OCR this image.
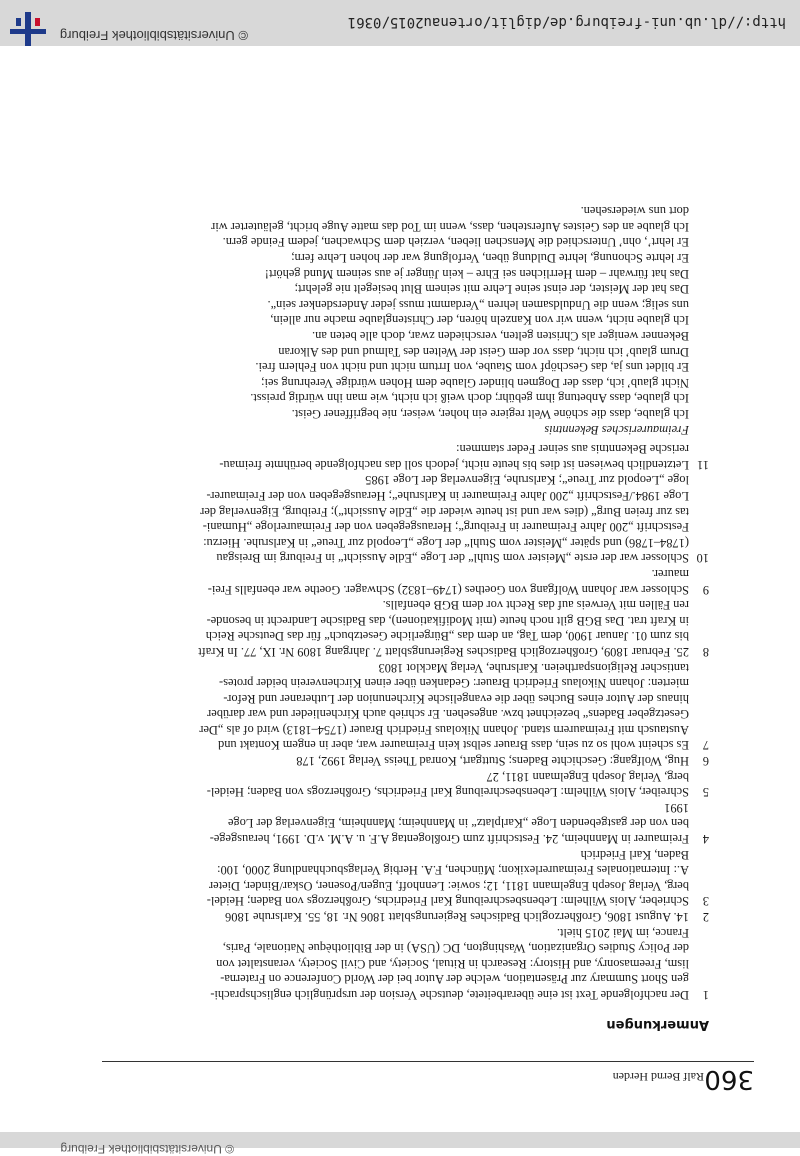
© Universitätsbibliothek Freiburg
360
Ralf Bernd Herden
Anmerkungen
1
Der nachfolgende Text ist eine überarbeitete, deutsche Version der ursprünglich englischsprachi-
gen Short Summary zur Präsentation, welche der Autor bei der World Conference on Fraterna-
lism, Freemasonry, and History: Research in Ritual, Society, and Civil Society, veranstaltet von
der Policy Studies Organization, Washington, DC (USA) in der Bibliothèque Nationale, Paris,
France, im Mai 2015 hielt.
2
14. August 1806, Großherzoglich Badisches Regierungsblatt 1806 Nr. 18, 55. Karlsruhe 1806
3
Schrieber, Alois Wilhelm: Lebensbeschreibung Karl Friedrichs, Großherzogs von Baden; Heidel-
berg, Verlag Joseph Engelmann 1811, 12; sowie: Lennhoff, Eugen/Posener, Oskar/Binder, Dieter
A.: Internationales Freimaurerlexikon; München, F.A. Herbig Verlagsbuchhandlung 2000, 100:
Baden, Karl Friedrich
4
Freimaurer in Mannheim, 24. Festschrift zum Großlogentag A.F. u. A.M. v.D. 1991, herausgege-
ben von der gastgebenden Loge „Karlplatz“ in Mannheim; Mannheim, Eigenverlag der Loge
1991
5
Schreiber, Alois Wilhelm: Lebensbeschreibung Karl Friedrichs, Großherzogs von Baden; Heidel-
berg, Verlag Joseph Engelmann 1811, 27
6
Hug, Wolfgang: Geschichte Badens; Stuttgart, Konrad Theiss Verlag 1992, 178
7
Es scheint wohl so zu sein, dass Brauer selbst kein Freimaurer war, aber in engem Kontakt und
Austausch mit Freimaurern stand. Johann Nikolaus Friedrich Brauer (1754–1813) wird of als „Der
Gesetzgeber Badens“ bezeichnet bzw. angesehen. Er schrieb auch Kirchenlieder und war darüber
hinaus der Autor eines Buches über die evangelische Kirchenunion der Lutheraner und Refor-
mierten: Johann Nikolaus Friedrich Brauer: Gedanken über einen Kirchenverein beider protes-
tantischer Religionspartheien. Karlsruhe, Verlag Macklot 1803
8
25. Februar 1809, Großherzoglich Badisches Regierungsblatt 7. Jahrgang 1809 Nr. IX, 77. In Kraft
bis zum 01. Januar 1900, dem Tag, an dem das „Bürgerliche Gesetzbuch“ für das Deutsche Reich
in Kraft trat. Das BGB gilt noch heute (mit Modifikationen), das Badische Landrecht in besonde-
ren Fällen mit Verweis auf das Recht vor dem BGB ebenfalls.
9
Schlosser war Johann Wolfgang von Goethes (1749–1832) Schwager. Goethe war ebenfalls Frei-
maurer.
10
Schlosser war der erste „Meister vom Stuhl“ der Loge „Edle Aussicht“ in Freiburg im Breisgau
(1784–1786) und später „Meister vom Stuhl“ der Loge „Leopold zur Treue“ in Karlsruhe. Hierzu:
Festschrift „200 Jahre Freimaurer in Freiburg“; Herausgegeben von der Freimaurerloge „Humani-
tas zur freien Burg“ (dies war und ist heute wieder die „Edle Aussicht“); Freiburg, Eigenverlag der
Loge 1984./Festschrift „200 Jahre Freimaurer in Karlsruhe“; Herausgegeben von der Freimaurer-
loge „Leopold zur Treue“; Karlsruhe, Eigenverlag der Loge 1985
11
Letztendlich bewiesen ist dies bis heute nicht, jedoch soll das nachfolgende berühmte freimau-
rerische Bekenntnis aus seiner Feder stammen:
Freimaurerisches Bekenntnis
Ich glaube, dass die schöne Welt regiere ein hoher, weiser, nie begriffener Geist.
Ich glaube, dass Anbetung ihm gebühr; doch weiß ich nicht, wie man ihn würdig preisst.
Nicht glaub’ ich, dass der Dogmen blinder Glaube dem Hohen würdige Verehrung sei;
Er bildet uns ja, das Geschöpf vom Staube, von Irrtum nicht und nicht von Fehlern frei.
Drum glaub’ ich nicht, dass vor dem Geist der Welten des Talmud und des Alkoran
Bekenner weniger als Christen gelten, verschieden zwar, doch alle beten an.
Ich glaube nicht, wenn wir von Kanzeln hören, der Christenglaube mache nur allein,
uns selig; wenn die Unduldsamen lehren „Verdammt muss jeder Andersdenker sein“.
Das hat der Meister, der einst seine Lehre mit seinem Blut besiegelt nie gelehrt;
Das hat fürwahr – dem Herrlichen sei Ehre – kein Jünger je aus seinem Mund gehört!
Er lehrte Schonung, lehrte Duldung üben, Verfolgung war der hohen Lehre fern;
Er lehrt’, ohn’ Unterschied die Menschen lieben, verzieh dem Schwachen, jedem Feinde gern.
Ich glaube an des Geistes Auferstehen, dass, wenn im Tod das matte Auge bricht, geläuterter wir
dort uns wiedersehen.
http://dl.ub.uni-freiburg.de/diglit/ortenau2015/0361
© Universitätsbibliothek Freiburg
